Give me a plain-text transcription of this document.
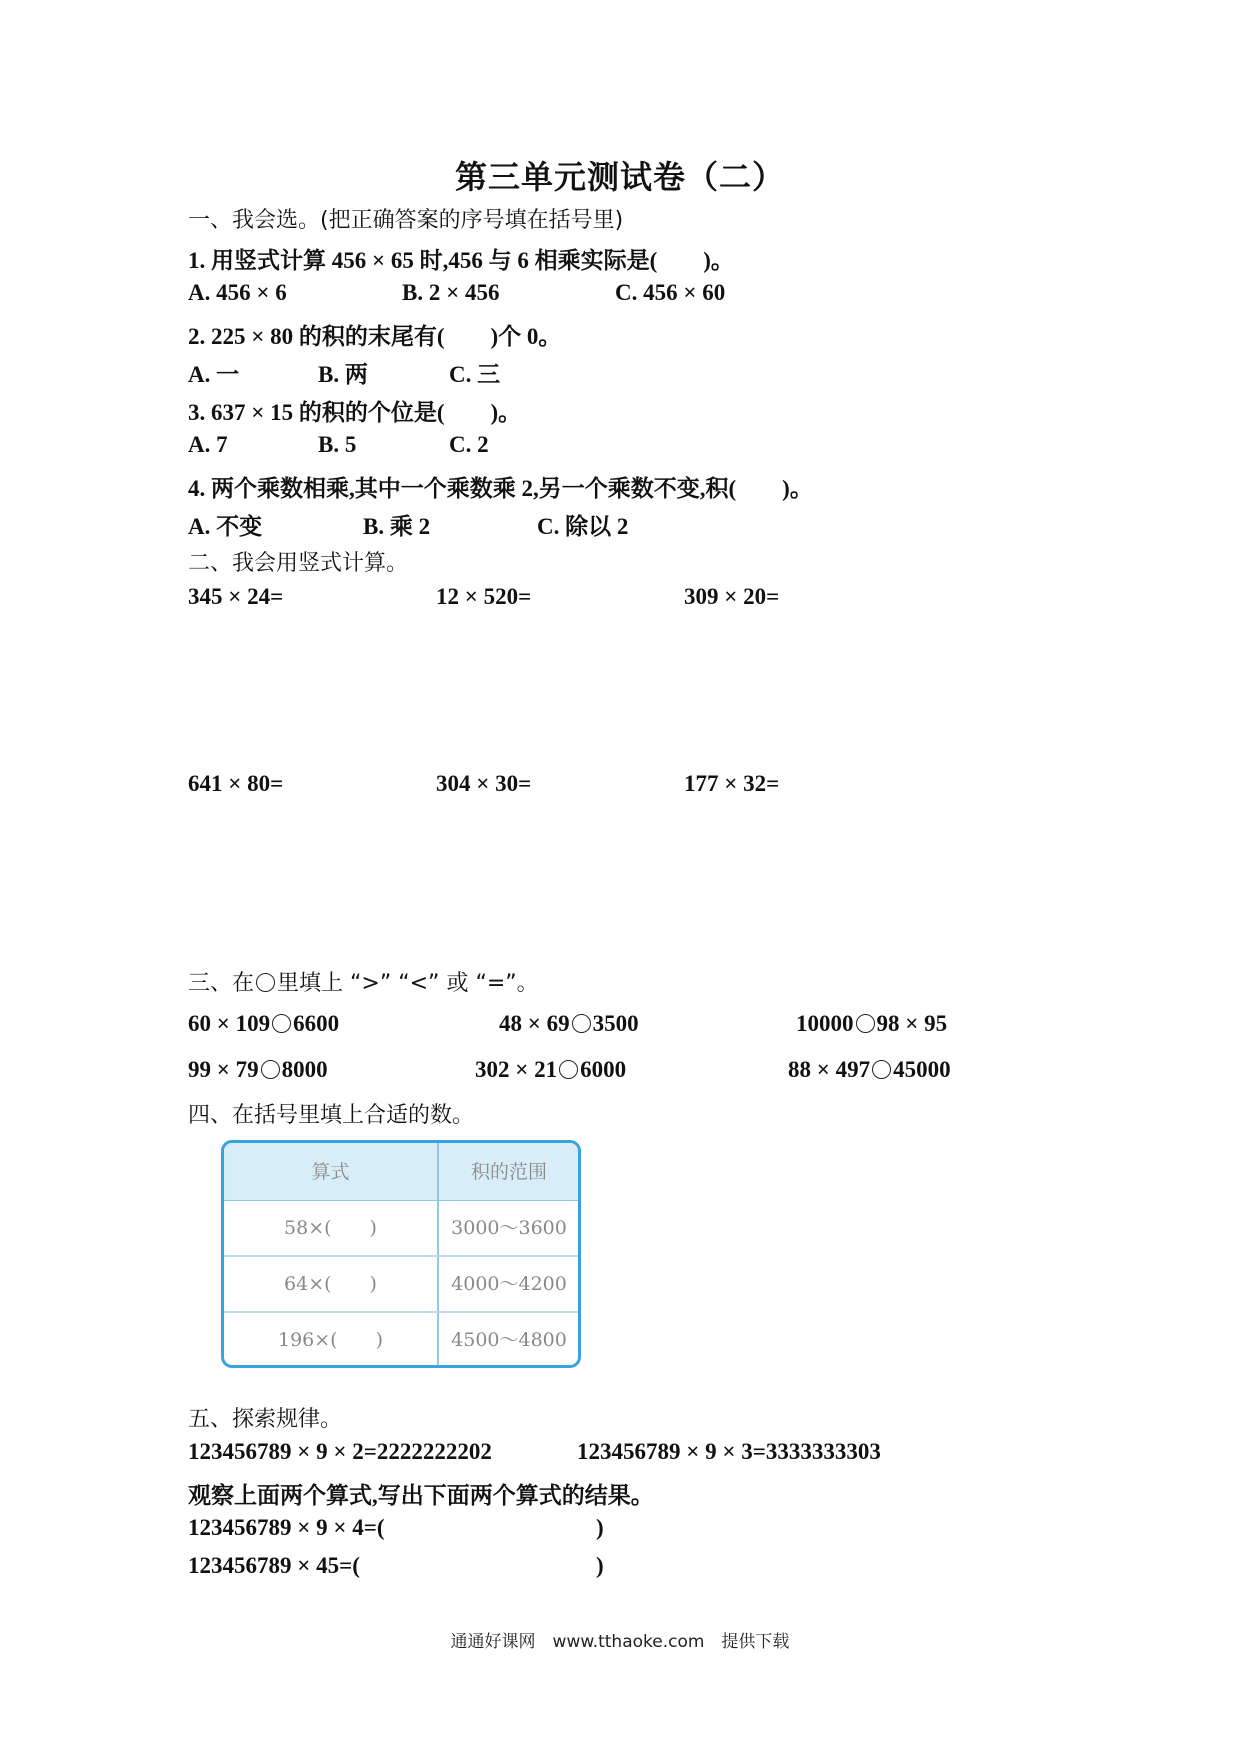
第三单元测试卷（二）
一、我会选。(把正确答案的序号填在括号里)
1. 用竖式计算 456 × 65 时,456 与 6 相乘实际是(　　)。
A. 456 × 6	B. 2 × 456	C. 456 × 60
2. 225 × 80 的积的末尾有(　　)个 0。
A. 一	B. 两	C. 三
3. 637 × 15 的积的个位是(　　)。
A. 7	B. 5	C. 2
4. 两个乘数相乘,其中一个乘数乘 2,另一个乘数不变,积(　　)。
A. 不变	B. 乘 2	C. 除以 2
二、我会用竖式计算。
345 × 24=	12 × 520=	309 × 20=
641 × 80=	304 × 30=	177 × 32=
三、在 里填上 “>” “<” 或 “=”。
60 × 109 6600	48 × 69 3500	10000 98 × 95
99 × 79 8000	302 × 21 6000	88 × 497 45000
四、在括号里填上合适的数。
算式	积的范围
58×(　　)	3000～3600
64×(　　)	4000～4200
196×(　　)	4500～4800
五、探索规律。
123456789 × 9 × 2=2222222202	123456789 × 9 × 3=3333333303
观察上面两个算式,写出下面两个算式的结果。
123456789 × 9 × 4=(	)
123456789 × 45=(	)
通通好课网　www.tthaoke.com　提供下载
